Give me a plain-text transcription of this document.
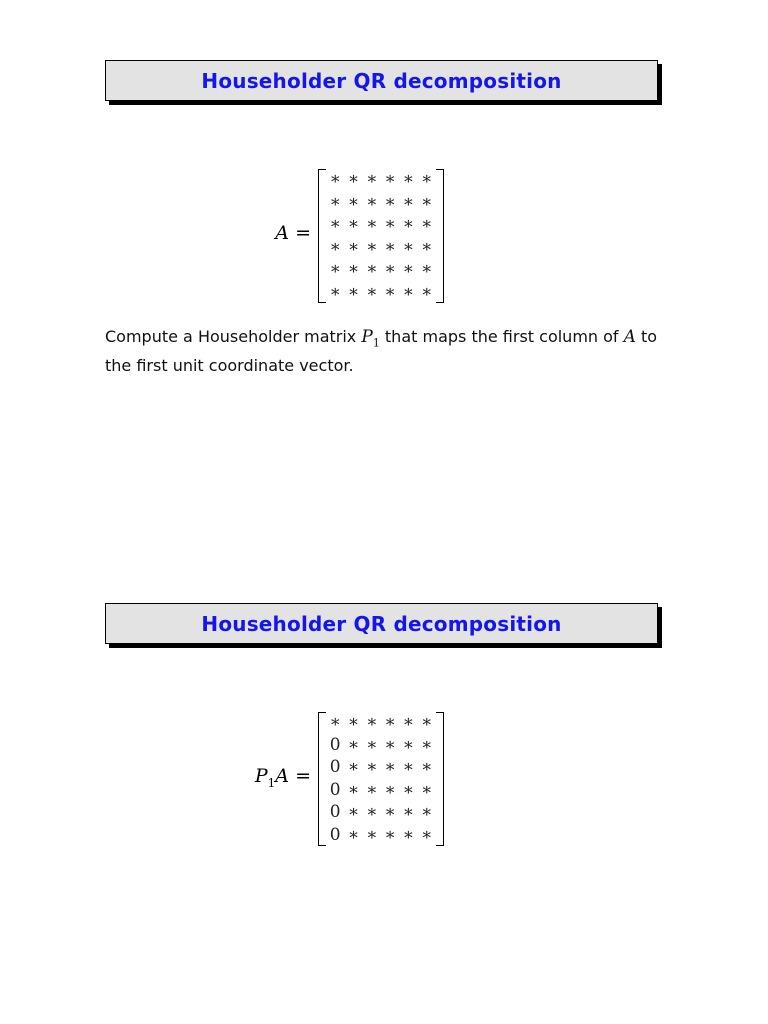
Householder QR decomposition
A =
∗ ∗ ∗ ∗ ∗ ∗
∗ ∗ ∗ ∗ ∗ ∗
∗ ∗ ∗ ∗ ∗ ∗
∗ ∗ ∗ ∗ ∗ ∗
∗ ∗ ∗ ∗ ∗ ∗
∗ ∗ ∗ ∗ ∗ ∗
Compute a Householder matrix $P_1$ that maps the first column of A to the first unit coordinate vector.
Householder QR decomposition
$P_1A$ =
∗ ∗ ∗ ∗ ∗ ∗
0 ∗ ∗ ∗ ∗ ∗
0 ∗ ∗ ∗ ∗ ∗
0 ∗ ∗ ∗ ∗ ∗
0 ∗ ∗ ∗ ∗ ∗
0 ∗ ∗ ∗ ∗ ∗
